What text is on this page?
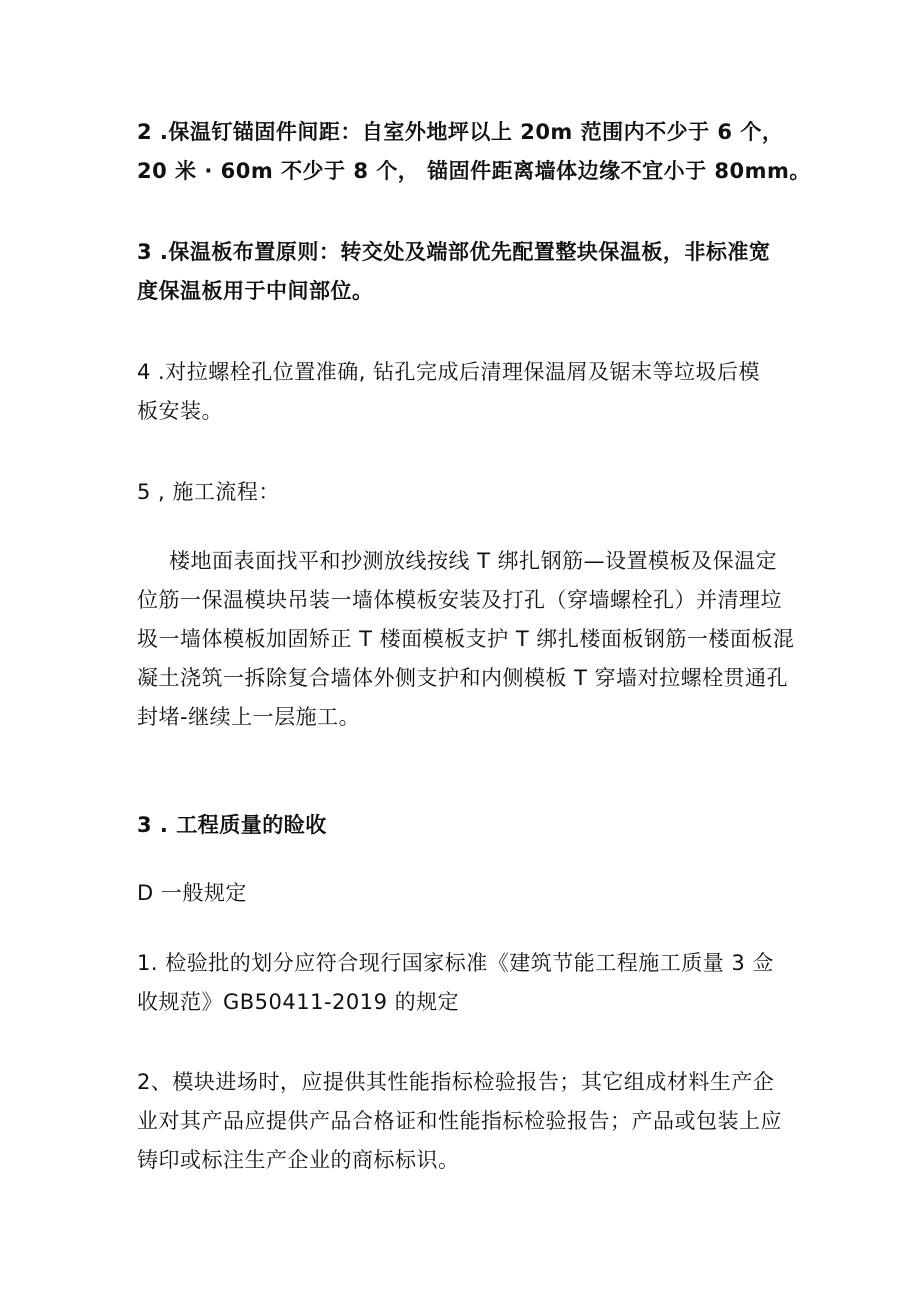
2 .保温钉锚固件间距：自室外地坪以上 20m 范围内不少于 6 个，
20 米 · 60m 不少于 8 个， 锚固件距离墙体边缘不宜小于 80mm。
3 .保温板布置原则：转交处及端部优先配置整块保温板，非标准宽
度保温板用于中间部位。
4 .对拉螺栓孔位置准确, 钻孔完成后清理保温屑及锯末等垃圾后模
板安装。
5 , 施工流程：
楼地面表面找平和抄测放线按线 T 绑扎钢筋—设置模板及保温定
位筋一保温模块吊装一墙体模板安装及打孔（穿墙螺栓孔）并清理垃
圾一墙体模板加固矫正 T 楼面模板支护 T 绑扎楼面板钢筋一楼面板混
凝土浇筑一拆除复合墙体外侧支护和内侧模板 T 穿墙对拉螺栓贯通孔
封堵-继续上一层施工。
3 . 工程质量的睑收
D 一般规定
1. 检验批的划分应符合现行国家标准《建筑节能工程施工质量 3 佥
收规范》GB50411-2019 的规定
2、模块进场时，应提供其性能指标检验报告；其它组成材料生产企
业对其产品应提供产品合格证和性能指标检验报告；产品或包装上应
铸印或标注生产企业的商标标识。
